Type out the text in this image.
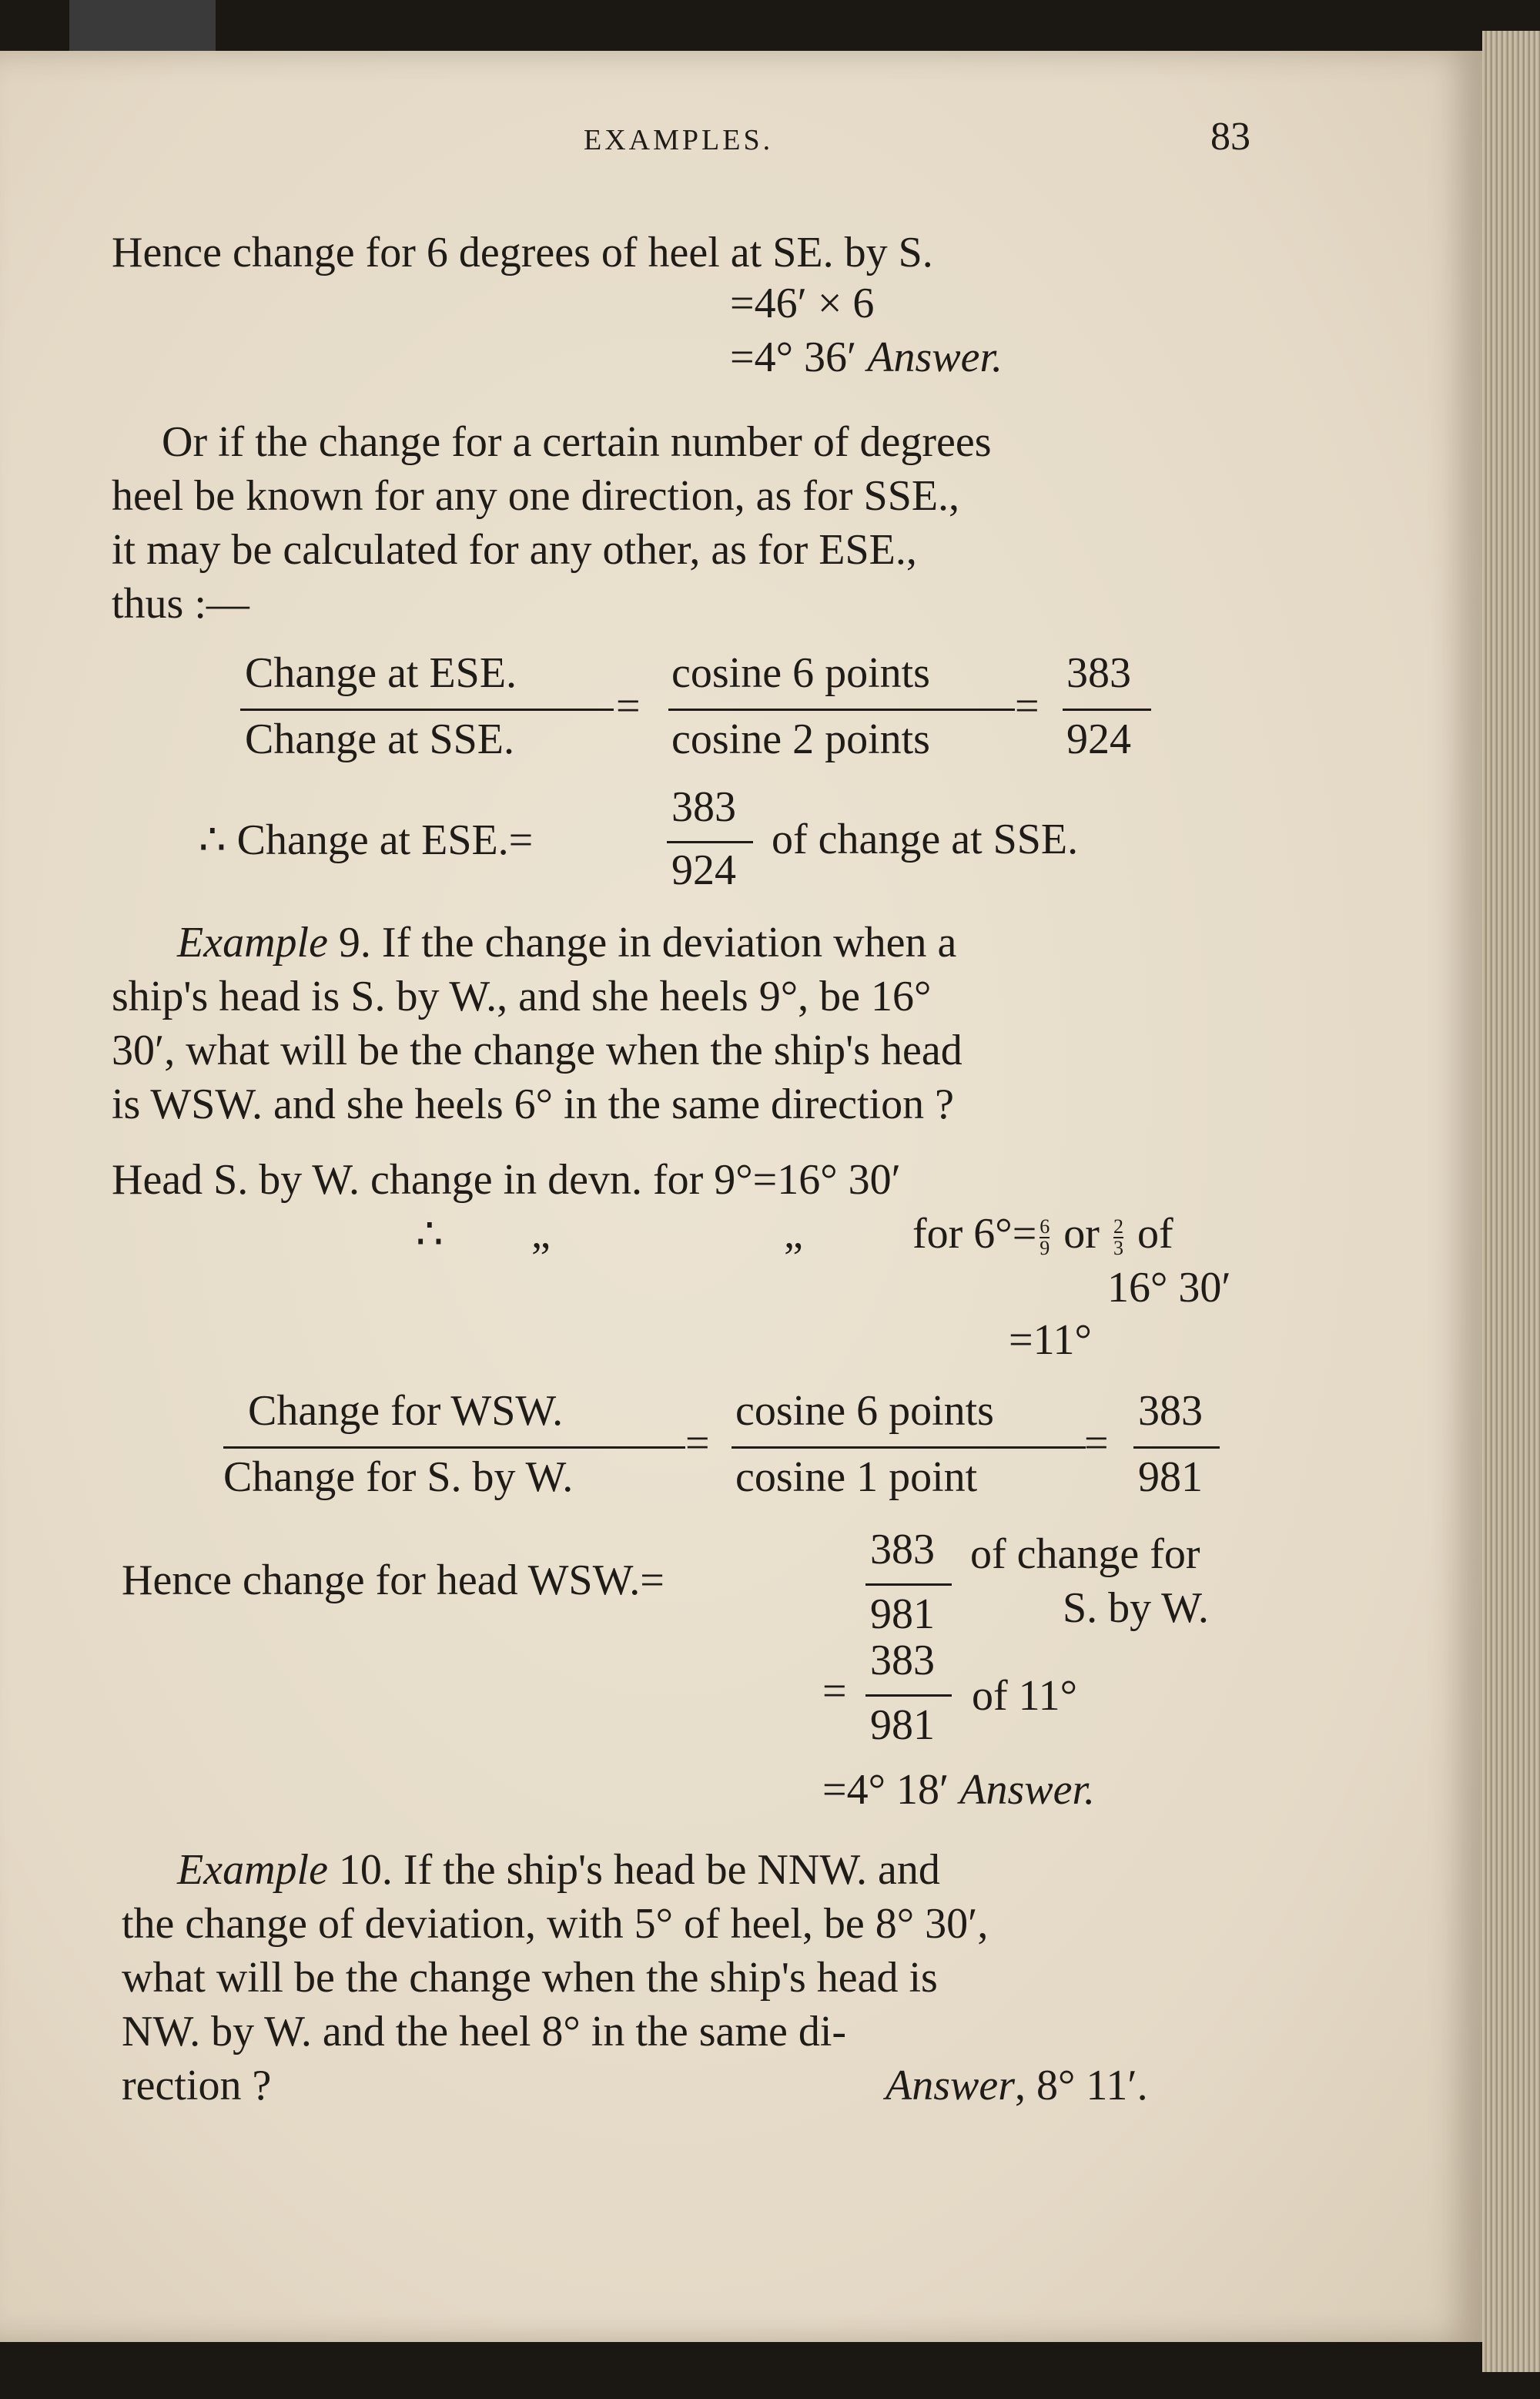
EXAMPLES.	83

Hence change for 6 degrees of heel at SE. by S.

=46′ × 6

=4° 36′ Answer.

Or if the change for a certain number of degrees

heel be known for any one direction, as for SSE.,

it may be calculated for any other, as for ESE.,

thus :—

Change at ESE.

Change at SSE.

=

cosine 6 points

cosine 2 points

=

383

924

∴ Change at ESE.=

383

924

of change at SSE.

Example 9. If the change in deviation when a

ship's head is S. by W., and she heels 9°, be 16°

30′, what will be the change when the ship's head

is WSW. and she heels 6° in the same direction ?

Head S. by W. change in devn. for 9°=16° 30′

∴ „	„	for $6^\circ= \frac{6}{9}$ or $\frac{2}{3}$ of

16° 30′

=11°

Change for WSW.

Change for S. by W.

=

cosine 6 points

cosine 1 point

=

383

981

Hence change for head WSW.=

383

981

of change for

S. by W.

=

383

981

of 11°

=4° 18′ Answer.

Example 10. If the ship's head be NNW. and

the change of deviation, with 5° of heel, be 8° 30′,

what will be the change when the ship's head is

NW. by W. and the heel 8° in the same di-

rection ?	Answer, 8° 11′.
